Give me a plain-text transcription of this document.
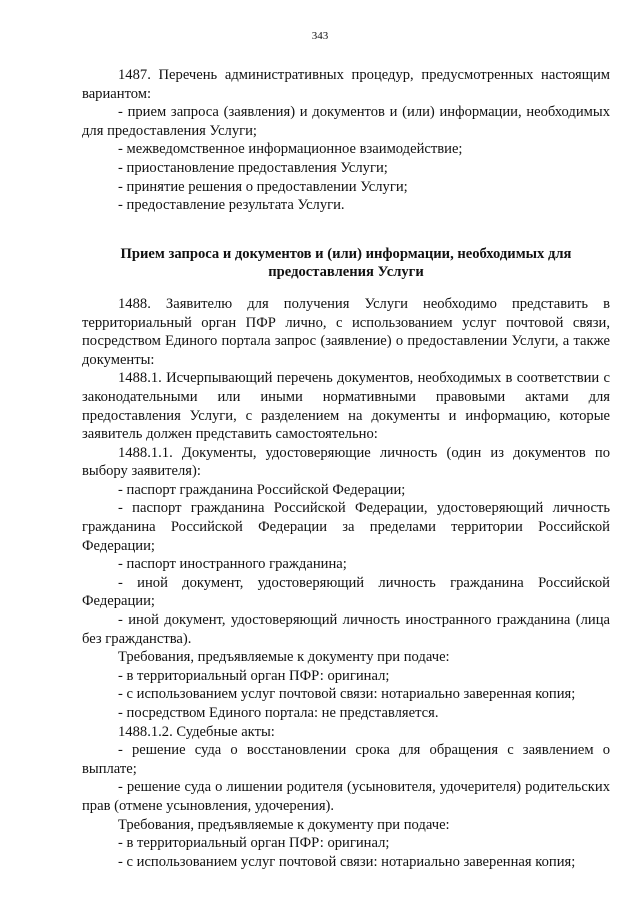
343

1487. Перечень административных процедур, предусмотренных настоящим вариантом:

- прием запроса (заявления) и документов и (или) информации, необходимых для предоставления Услуги;

- межведомственное информационное взаимодействие;

- приостановление предоставления Услуги;

- принятие решения о предоставлении Услуги;

- предоставление результата Услуги.

Прием запроса и документов и (или) информации, необходимых для предоставления Услуги

1488. Заявителю для получения Услуги необходимо представить в территориальный орган ПФР лично, с использованием услуг почтовой связи, посредством Единого портала запрос (заявление) о предоставлении Услуги, а также документы:

1488.1. Исчерпывающий перечень документов, необходимых в соответствии с законодательными или иными нормативными правовыми актами для предоставления Услуги, с разделением на документы и информацию, которые заявитель должен представить самостоятельно:

1488.1.1. Документы, удостоверяющие личность (один из документов по выбору заявителя):

- паспорт гражданина Российской Федерации;

- паспорт гражданина Российской Федерации, удостоверяющий личность гражданина Российской Федерации за пределами территории Российской Федерации;

- паспорт иностранного гражданина;

- иной документ, удостоверяющий личность гражданина Российской Федерации;

- иной документ, удостоверяющий личность иностранного гражданина (лица без гражданства).

Требования, предъявляемые к документу при подаче:

- в территориальный орган ПФР: оригинал;

- с использованием услуг почтовой связи: нотариально заверенная копия;

- посредством Единого портала: не представляется.

1488.1.2. Судебные акты:

- решение суда о восстановлении срока для обращения с заявлением о выплате;

- решение суда о лишении родителя (усыновителя, удочерителя) родительских прав (отмене усыновления, удочерения).

Требования, предъявляемые к документу при подаче:

- в территориальный орган ПФР: оригинал;

- с использованием услуг почтовой связи: нотариально заверенная копия;
